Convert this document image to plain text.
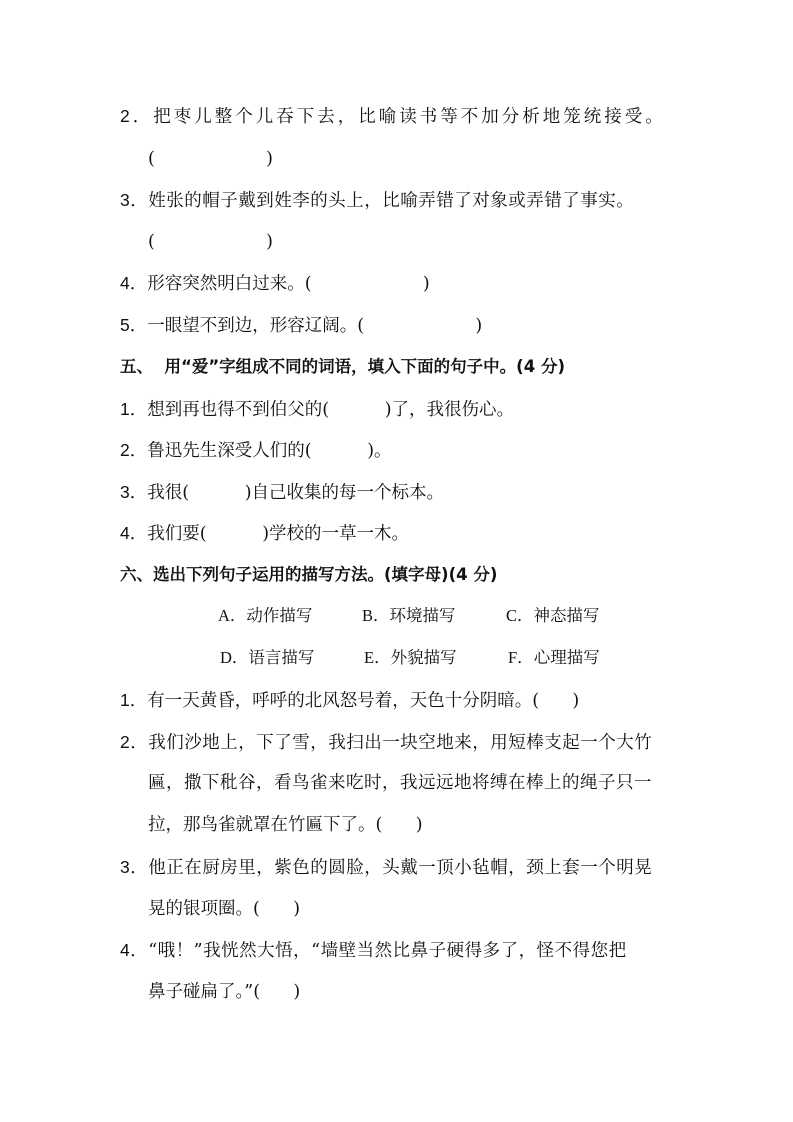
2．把枣儿整个儿吞下去，比喻读书等不加分析地笼统接受。
(                    )
3．姓张的帽子戴到姓李的头上，比喻弄错了对象或弄错了事实。
(                    )
4．形容突然明白过来。(                    )
5．一眼望不到边，形容辽阔。(                    )
五、  用“爱”字组成不同的词语，填入下面的句子中。(4 分)
1．想到再也得不到伯父的(          )了，我很伤心。
2．鲁迅先生深受人们的(          )。
3．我很(          )自己收集的每一个标本。
4．我们要(          )学校的一草一木。
六、选出下列句子运用的描写方法。(填字母)(4 分)
A．动作描写	B．环境描写	C．神态描写
D．语言描写	E．外貌描写	F．心理描写
1．有一天黄昏，呼呼的北风怒号着，天色十分阴暗。(      )
2．我们沙地上，下了雪，我扫出一块空地来，用短棒支起一个大竹
匾，撒下秕谷，看鸟雀来吃时，我远远地将缚在棒上的绳子只一
拉，那鸟雀就罩在竹匾下了。(      )
3．他正在厨房里，紫色的圆脸，头戴一顶小毡帽，颈上套一个明晃
晃的银项圈。(      )
4．“哦！”我恍然大悟，“墙壁当然比鼻子硬得多了，怪不得您把
鼻子碰扁了。”(      )
